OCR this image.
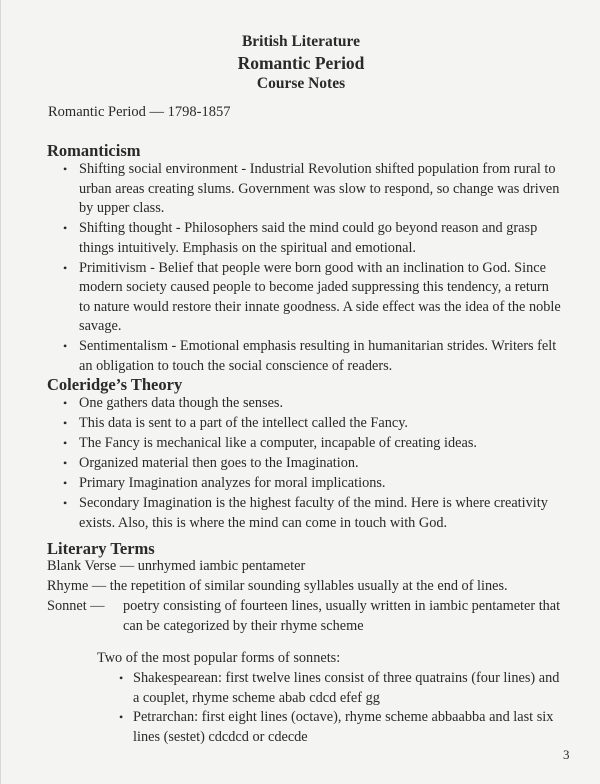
British Literature
Romantic Period
Course Notes
Romantic Period — 1798-1857
Romanticism
• Shifting social environment - Industrial Revolution shifted population from rural to urban areas creating slums. Government was slow to respond, so change was driven by upper class.
• Shifting thought - Philosophers said the mind could go beyond reason and grasp things intuitively. Emphasis on the spiritual and emotional.
• Primitivism - Belief that people were born good with an inclination to God. Since modern society caused people to become jaded suppressing this tendency, a return to nature would restore their innate goodness. A side effect was the idea of the noble savage.
• Sentimentalism - Emotional emphasis resulting in humanitarian strides. Writers felt an obligation to touch the social conscience of readers.
Coleridge’s Theory
• One gathers data though the senses.
• This data is sent to a part of the intellect called the Fancy.
• The Fancy is mechanical like a computer, incapable of creating ideas.
• Organized material then goes to the Imagination.
• Primary Imagination analyzes for moral implications.
• Secondary Imagination is the highest faculty of the mind. Here is where creativity exists. Also, this is where the mind can come in touch with God.
Literary Terms
Blank Verse — unrhymed iambic pentameter
Rhyme — the repetition of similar sounding syllables usually at the end of lines.
Sonnet —	poetry consisting of fourteen lines, usually written in iambic pentameter that can be categorized by their rhyme scheme
Two of the most popular forms of sonnets:
• Shakespearean: first twelve lines consist of three quatrains (four lines) and a couplet, rhyme scheme abab cdcd efef gg
• Petrarchan: first eight lines (octave), rhyme scheme abbaabba and last six lines (sestet) cdcdcd or cdecde
3
